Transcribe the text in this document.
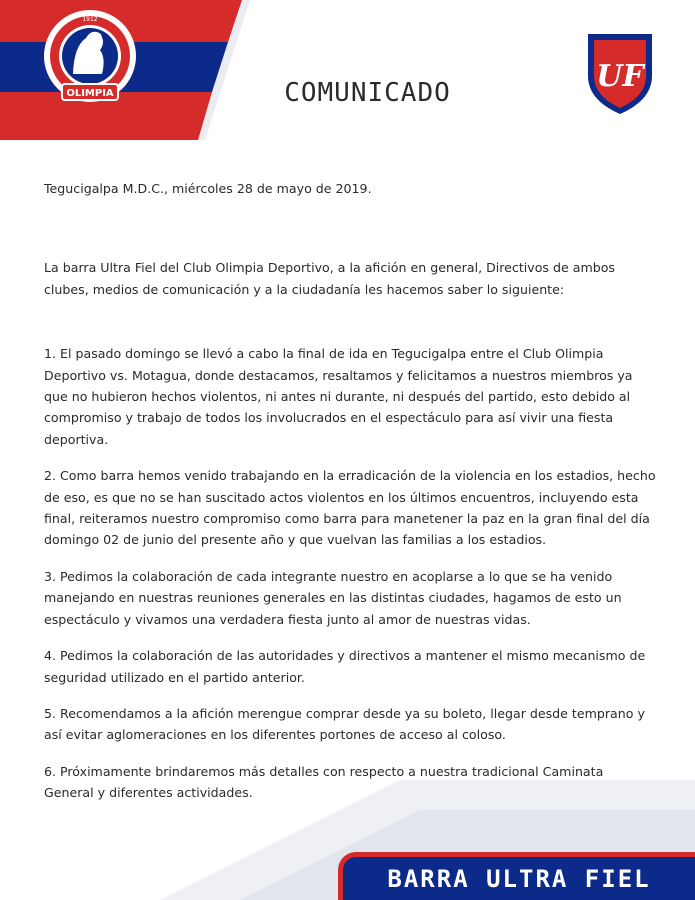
OLIMPIA
1912
UF
COMUNICADO

Tegucigalpa M.D.C., miércoles 28 de mayo de 2019.

La barra Ultra Fiel del Club Olimpia Deportivo, a la afición en general, Directivos de ambos clubes, medios de comunicación y a la ciudadanía les hacemos saber lo siguiente:

1. El pasado domingo se llevó a cabo la final de ida en Tegucigalpa entre el Club Olimpia Deportivo vs. Motagua, donde destacamos, resaltamos y felicitamos a nuestros miembros ya que no hubieron hechos violentos, ni antes ni durante, ni después del partido, esto debido al compromiso y trabajo de todos los involucrados en el espectáculo para así vivir una fiesta deportiva.

2. Como barra hemos venido trabajando en la erradicación de la violencia en los estadios, hecho de eso, es que no se han suscitado actos violentos en los últimos encuentros, incluyendo esta final, reiteramos nuestro compromiso como barra para manetener la paz en la gran final del día domingo 02 de junio del presente año y que vuelvan las familias a los estadios.

3. Pedimos la colaboración de cada integrante nuestro en acoplarse a lo que se ha venido manejando en nuestras reuniones generales en las distintas ciudades, hagamos de esto un espectáculo y vivamos una verdadera fiesta junto al amor de nuestras vidas.

4. Pedimos la colaboración de las autoridades y directivos a mantener el mismo mecanismo de seguridad utilizado en el partido anterior.

5. Recomendamos a la afición merengue comprar desde ya su boleto, llegar desde temprano y así evitar aglomeraciones en los diferentes portones de acceso al coloso.

6. Próximamente brindaremos más detalles con respecto a nuestra tradicional Caminata General y diferentes actividades.

BARRA ULTRA FIEL
